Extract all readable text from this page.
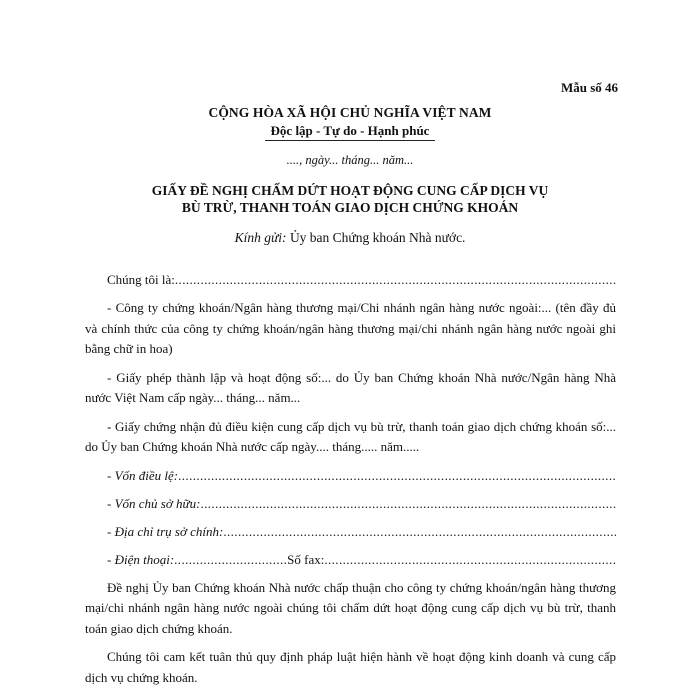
Mẫu số 46
CỘNG HÒA XÃ HỘI CHỦ NGHĨA VIỆT NAM
Độc lập - Tự do - Hạnh phúc
...., ngày... tháng... năm...
GIẤY ĐỀ NGHỊ CHẤM DỨT HOẠT ĐỘNG CUNG CẤP DỊCH VỤ
BÙ TRỪ, THANH TOÁN GIAO DỊCH CHỨNG KHOÁN
Kính gửi: Ủy ban Chứng khoán Nhà nước.
Chúng tôi là:
.....

- Công ty chứng khoán/Ngân hàng thương mại/Chi nhánh ngân hàng nước ngoài:... (tên đầy đủ và chính thức của công ty chứng khoán/ngân hàng thương mại/chi nhánh ngân hàng nước ngoài ghi bằng chữ in hoa)

- Giấy phép thành lập và hoạt động số:... do Ủy ban Chứng khoán Nhà nước/Ngân hàng Nhà nước Việt Nam cấp ngày... tháng... năm...

- Giấy chứng nhận đủ điều kiện cung cấp dịch vụ bù trừ, thanh toán giao dịch chứng khoán số:... do Ủy ban Chứng khoán Nhà nước cấp ngày.... tháng..... năm.....

- Vốn điều lệ:
.....
- Vốn chủ sở hữu:
.....
- Địa chỉ trụ sở chính:
.....
- Điện thoại:
.....	Số fax:
.....

Đề nghị Ủy ban Chứng khoán Nhà nước chấp thuận cho công ty chứng khoán/ngân hàng thương mại/chi nhánh ngân hàng nước ngoài chúng tôi chấm dứt hoạt động cung cấp dịch vụ bù trừ, thanh toán giao dịch chứng khoán.

Chúng tôi cam kết tuân thủ quy định pháp luật hiện hành về hoạt động kinh doanh và cung cấp dịch vụ chứng khoán.
